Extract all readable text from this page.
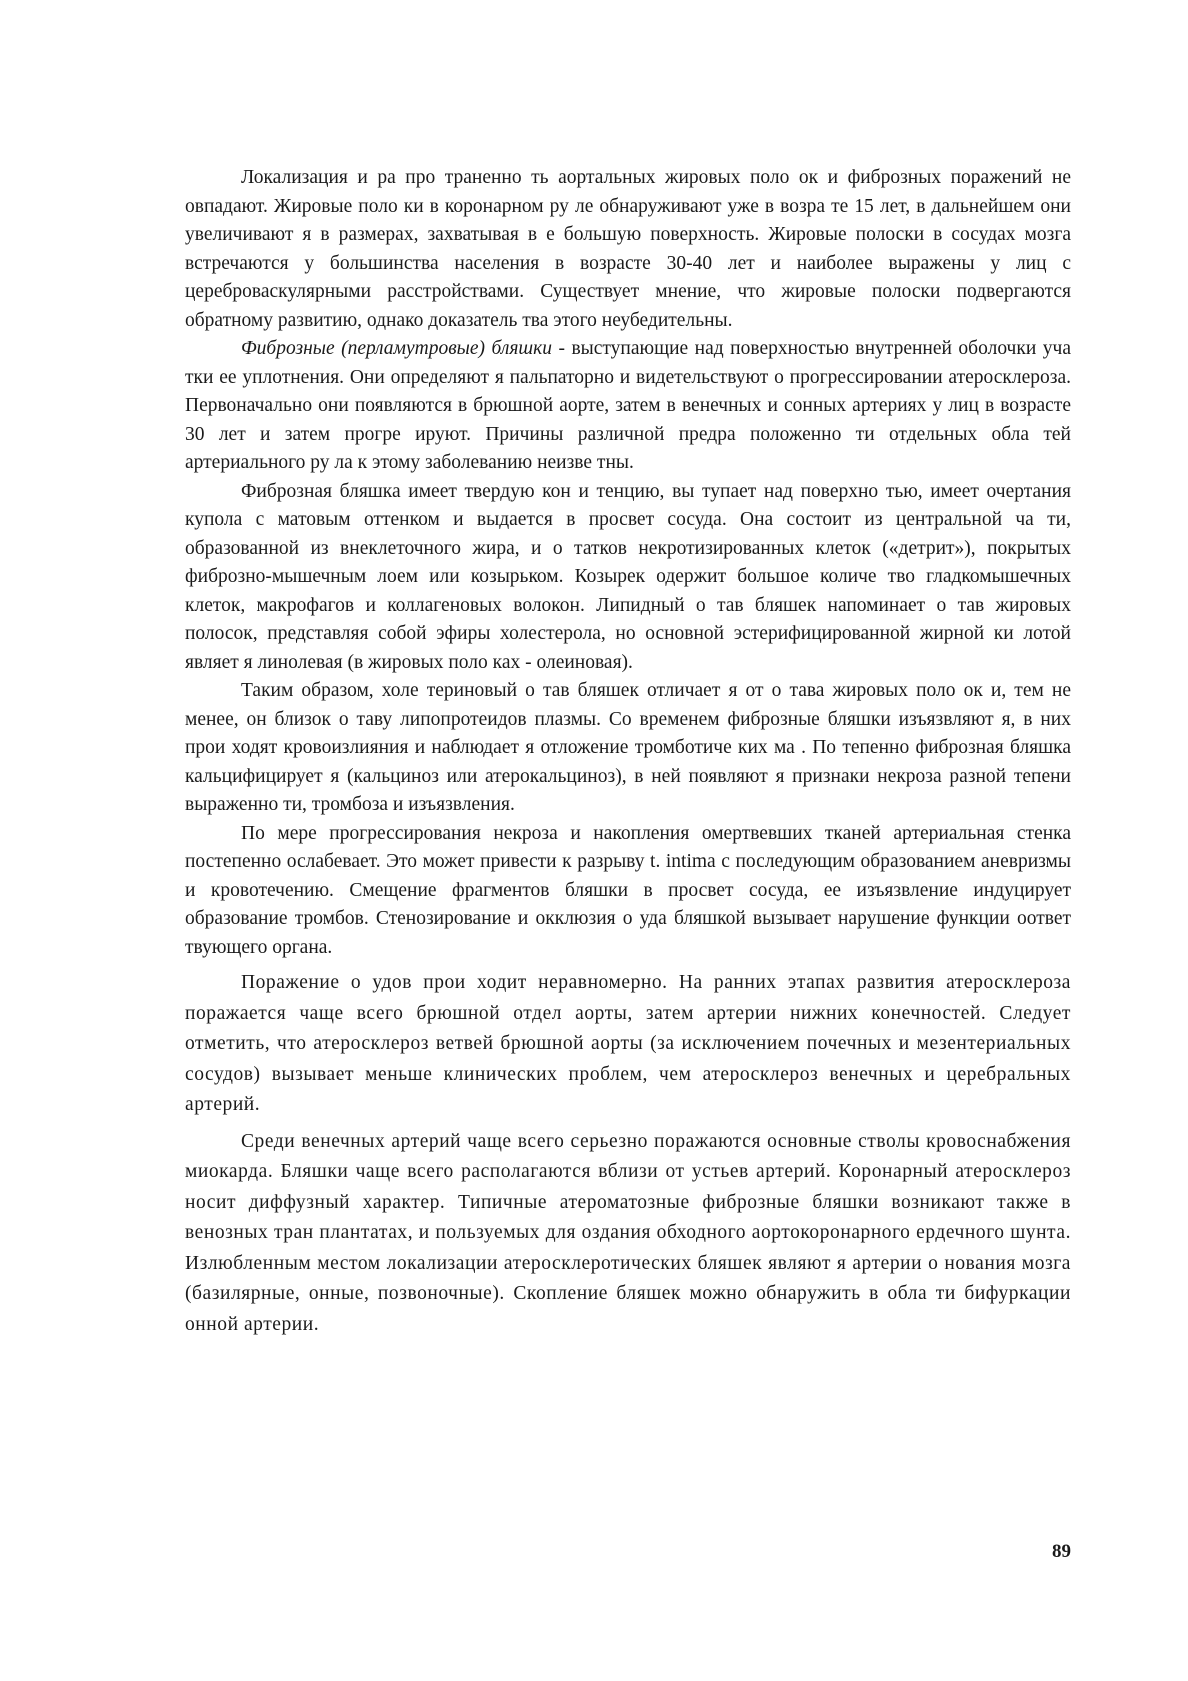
Локализация и ра про траненно ть аортальных жировых поло ок и фиброзных поражений не овпадают. Жировые поло ки в коронарном ру ле обнаруживают уже в возра те 15 лет, в дальнейшем они увеличивают я в размерах, захватывая в е большую поверхность. Жировые полоски в сосудах мозга встречаются у большинства населения в возрасте 30-40 лет и наиболее выражены у лиц с цереброваскулярными расстройствами. Существует мнение, что жировые полоски подвергаются обратному развитию, однако доказатель тва этого неубедительны.

Фиброзные (перламутровые) бляшки - выступающие над поверхностью внутренней оболочки уча тки ее уплотнения. Они определяют я пальпаторно и видетельствуют о прогрессировании атеросклероза. Первоначально они появляются в брюшной аорте, затем в венечных и сонных артериях у лиц в возрасте 30 лет и затем прогре ируют. Причины различной предра положенно ти отдельных обла тей артериального ру ла к этому заболеванию неизве тны.

Фиброзная бляшка имеет твердую кон и тенцию, вы тупает над поверхно тью, имеет очертания купола с матовым оттенком и выдается в просвет сосуда. Она состоит из центральной ча ти, образованной из внеклеточного жира, и о татков некротизированных клеток («детрит»), покрытых фиброзно-мышечным лоем или козырьком. Козырек одержит большое количе тво гладкомышечных клеток, макрофагов и коллагеновых волокон. Липидный о тав бляшек напоминает о тав жировых полосок, представляя собой эфиры холестерола, но основной эстерифицированной жирной ки лотой являет я линолевая (в жировых поло ках - олеиновая).

Таким образом, холе териновый о тав бляшек отличает я от о тава жировых поло ок и, тем не менее, он близок о таву липопротеидов плазмы. Со временем фиброзные бляшки изъязвляют я, в них прои ходят кровоизлияния и наблюдает я отложение тромботиче ких ма . По тепенно фиброзная бляшка кальцифицирует я (кальциноз или атерокальциноз), в ней появляют я признаки некроза разной тепени выраженно ти, тромбоза и изъязвления.

По мере прогрессирования некроза и накопления омертвевших тканей артериальная стенка постепенно ослабевает. Это может привести к разрыву t. intima с последующим образованием аневризмы и кровотечению. Смещение фрагментов бляшки в просвет сосуда, ее изъязвление индуцирует образование тромбов. Стенозирование и окклюзия о уда бляшкой вызывает нарушение функции оответ твующего органа.

Поражение о удов прои ходит неравномерно. На ранних этапах развития атеросклероза поражается чаще всего брюшной отдел аорты, затем артерии нижних конечностей. Следует отметить, что атеросклероз ветвей брюшной аорты (за исключением почечных и мезентериальных сосудов) вызывает меньше клинических проблем, чем атеросклероз венечных и церебральных артерий.

Среди венечных артерий чаще всего серьезно поражаются основные стволы кровоснабжения миокарда. Бляшки чаще всего располагаются вблизи от устьев артерий. Коронарный атеросклероз носит диффузный характер. Типичные атероматозные фиброзные бляшки возникают также в венозных тран плантатах, и пользуемых для оздания обходного аортокоронарного ердечного шунта. Излюбленным местом локализации атеросклеротических бляшек являют я артерии о нования мозга (базилярные, онные, позвоночные). Скопление бляшек можно обнаружить в обла ти бифуркации онной артерии.

89
